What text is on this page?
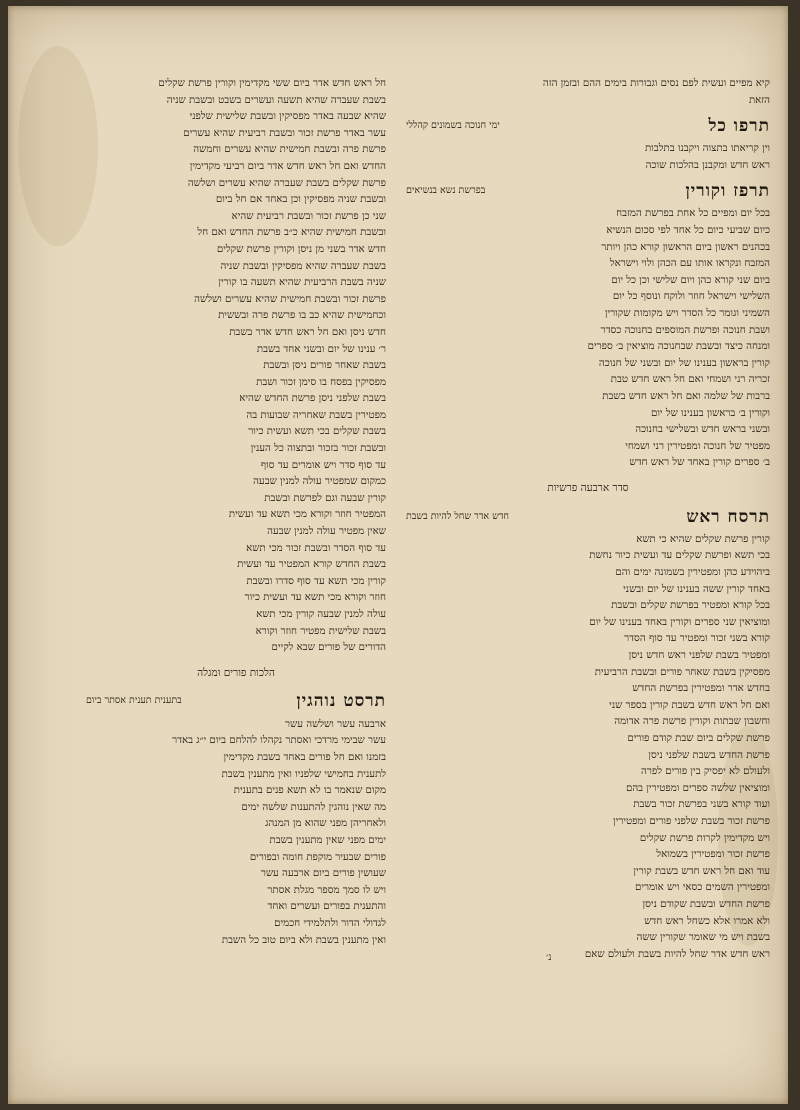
קיא מפיים ועשית לפם נסים וגבורות בימים ההם ובזמן הזה
הזאת
תרפו כל
ימי חנוכה בשמונים קהללי
וין קריאתו בתצוה ויקבנו בתלבות
ראש חדש ומקבנן בהלכות שוכה
תרפז וקורין
בפרשת נשא בנשיאים
בכל יום ומפיים כל אחת בפרשת המזבח
כיום שביעי כיום כל אחד לפי סכום הנשיא
בכהנים ראשון ביום הראשון קורא כהן ויותר
המזבח ונקראו אותו עם הכהן ולוי וישראל
ביום שני קורא כהן ויום שלישי וכן כל יום
השלישי וישראל חוזר ולוקח ונוסף כל יום
השמיני וגומר כל הסדר ויש מקומות שקורין
ושבת חנוכה ופרשת המוספים בחנוכה כסדר
ומנחה כיצד ובשבת שבחנוכה מוציאין ב׳ ספרים
קורין בראשון בענינו של יום ובשני של חנוכה
זכריה רני ושמחי ואם חל ראש חדש טבת
ברבות של שלמה ואם חל ראש חדש בשבת
וקורין ב׳ בראשון בענינו של יום
ובשני בראש חדש ובשלישי בחנוכה
מפטיר של חנוכה ומפטירין רני ושמחי
ב׳ ספרים קורין באחד של ראש חדש
סדר ארבעה פרשיות
תרסח ראש
חדש אדר שחל להיות בשבת
קורין פרשת שקלים שהיא כי תשא
בכי תשא ופרשת שקלים עד ועשית כיור נחשת
ביהוידע כהן ומפטירין בשמונה ימים והם
באחד קורין ששה בענינו של יום ובשני
בכל קורא ומפטיר בפרשת שקלים ובשבת
ומוציאין שני ספרים וקורין באחד בענינו של יום
קורא בשני זכור ומפטיר עד סוף הסדר
ומפטיר בשבת שלפני ראש חדש ניסן
מפסיקין בשבת שאחר פורים ובשבת הרביעית
בחדש אדר ומפטירין בפרשת החדש
ואם חל ראש חדש בשבת קורין בספר שני
וחשבון שבתות וקורין פרשת פרה אדומה
פרשת שקלים ביום שבת קודם פורים
פרשת החדש בשבת שלפני ניסן
ולעולם לא יפסיק בין פורים לפרה
ומוציאין שלשה ספרים ומפטירין בהם
ועוד קורא בשני בפרשת זכור בשבת
פרשת זכור בשבת שלפני פורים ומפטירין
ויש מקדימין לקרות פרשת שקלים
פרשת זכור ומפטירין בשמואל
עוד ואם חל ראש חדש בשבת קורין
ומפטירין השמים כסאי ויש אומרים
פרשת החדש ובשבת שקודם ניסן
ולא אמרו אלא כשחל ראש חדש
בשבת ויש מי שאומר שקורין ששה
ראש חדש אדר שחל להיות בשבת ולעולם שאם
חל ראש חדש אדר ביום ששי מקדימין וקורין פרשת שקלים
בשבת שעברה שהיא תשעה ועשרים בשבט ובשבת שניה
שהיא שבעה באדר מפסיקין ובשבת שלישית שלפני
עשר באדר פרשת זכור ובשבת רביעית שהיא עשרים
פרשת פרה ובשבת חמישית שהיא עשרים וחמשה
החדש ואם חל ראש חדש אדר ביום רביעי מקדימין
פרשת שקלים בשבת שעברה שהיא עשרים ושלשה
ובשבת שניה מפסיקין וכן באחד אם חל ביום
שני כן פרשת זכור ובשבת רביעית שהיא
ובשבת חמישית שהיא כ״ב פרשת החדש ואם חל
חדש אדר בשני מן ניסן וקורין פרשת שקלים
בשבת שעברה שהיא מפסיקין ובשבת שניה
שניה בשבת הרביעית שהיא תשעה בו קורין
פרשת זכור ובשבת חמישית שהיא עשרים ושלשה
וכחמישית שהיא כב בו פרשת פרה ובששית
חדש ניסן ואם חל ראש חדש אדר בשבת
ר׳ ענינו של יום ובשני אחד בשבת
בשבת שאחר פורים ניסן ובשבת
מפסיקין בפסח בו סימן זכור ושבת
בשבת שלפני ניסן פרשת החדש שהיא
מפטירין בשבת שאחריה שבועות בה
בשבת שקלים בכי תשא ועשית כיור
ובשבת זכור בזכור ובתצוה כל הענין
עד סוף סדר ויש אומרים עד סוף
כמקום שמפטיר עולה למנין שבעה
קורין שבעה וגם לפרשת ובשבת
המפטיר חוזר וקורא מכי תשא עד ועשית
שאין מפטיר עולה למנין שבעה
עד סוף הסדר ובשבת זכור מכי תשא
בשבת החדש קורא המפטיר עד ועשית
קורין מכי תשא עד סוף סדרו ובשבת
חוזר וקורא מכי תשא עד ועשית כיור
עולה למנין שבעה קורין מכי תשא
בשבת שלישית מפטיר חוזר וקורא
הדורים של פורים שבא לקיים
הלכות פורים ומגלה
תרסט נוהגין
בתענית תענית אסתר ביום
ארבעה עשר ושלשה עשר
עשר שבימי מרדכי ואסתר נקהלו להלחם ביום י״ג באדר
בזמנו ואם חל פורים באחד בשבת מקדימין
לתענית בחמישי שלפניו ואין מתענין בשבת
מקום שנאמר בו לא תשא פנים בתענית
מה שאין נוהגין להתענות שלשה ימים
ולאחריהן מפני שהוא מן המנהג
ימים מפני שאין מתענין בשבת
פורים שבעיר מוקפת חומה ובפורים
שעושין פורים ביום ארבעה עשר
ויש לו סמך מספר מגלת אסתר
והתענית בפורים ועשרים ואחד
לגדולי הדור ולתלמידי חכמים
ואין מתענין בשבת ולא ביום טוב כל השבת
נ׳
